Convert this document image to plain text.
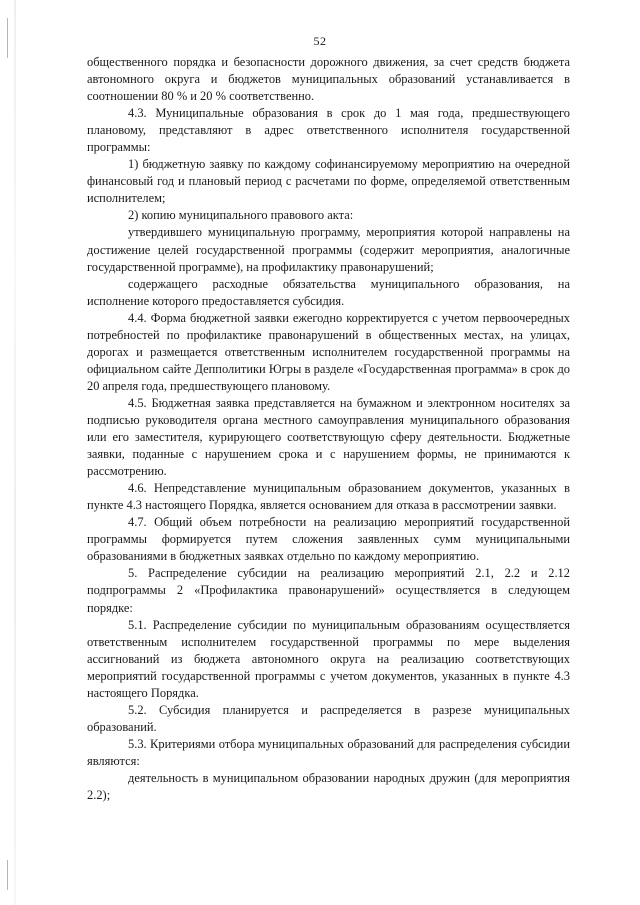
52

общественного порядка и безопасности дорожного движения, за счет средств бюджета автономного округа и бюджетов муниципальных образований устанавливается в соотношении 80 % и 20 % соответственно.

4.3. Муниципальные образования в срок до 1 мая года, предшествующего плановому, представляют в адрес ответственного исполнителя государственной программы:

1) бюджетную заявку по каждому софинансируемому мероприятию на очередной финансовый год и плановый период с расчетами по форме, определяемой ответственным исполнителем;

2) копию муниципального правового акта:

утвердившего муниципальную программу, мероприятия которой направлены на достижение целей государственной программы (содержит мероприятия, аналогичные государственной программе), на профилактику правонарушений;

содержащего расходные обязательства муниципального образования, на исполнение которого предоставляется субсидия.

4.4. Форма бюджетной заявки ежегодно корректируется с учетом первоочередных потребностей по профилактике правонарушений в общественных местах, на улицах, дорогах и размещается ответственным исполнителем государственной программы на официальном сайте Депполитики Югры в разделе «Государственная программа» в срок до 20 апреля года, предшествующего плановому.

4.5. Бюджетная заявка представляется на бумажном и электронном носителях за подписью руководителя органа местного самоуправления муниципального образования или его заместителя, курирующего соответствующую сферу деятельности. Бюджетные заявки, поданные с нарушением срока и с нарушением формы, не принимаются к рассмотрению.

4.6. Непредставление муниципальным образованием документов, указанных в пункте 4.3 настоящего Порядка, является основанием для отказа в рассмотрении заявки.

4.7. Общий объем потребности на реализацию мероприятий государственной программы формируется путем сложения заявленных сумм муниципальными образованиями в бюджетных заявках отдельно по каждому мероприятию.

5. Распределение субсидии на реализацию мероприятий 2.1, 2.2 и 2.12 подпрограммы 2 «Профилактика правонарушений» осуществляется в следующем порядке:

5.1. Распределение субсидии по муниципальным образованиям осуществляется ответственным исполнителем государственной программы по мере выделения ассигнований из бюджета автономного округа на реализацию соответствующих мероприятий государственной программы с учетом документов, указанных в пункте 4.3 настоящего Порядка.

5.2. Субсидия планируется и распределяется в разрезе муниципальных образований.

5.3. Критериями отбора муниципальных образований для распределения субсидии являются:

деятельность в муниципальном образовании народных дружин (для мероприятия 2.2);
